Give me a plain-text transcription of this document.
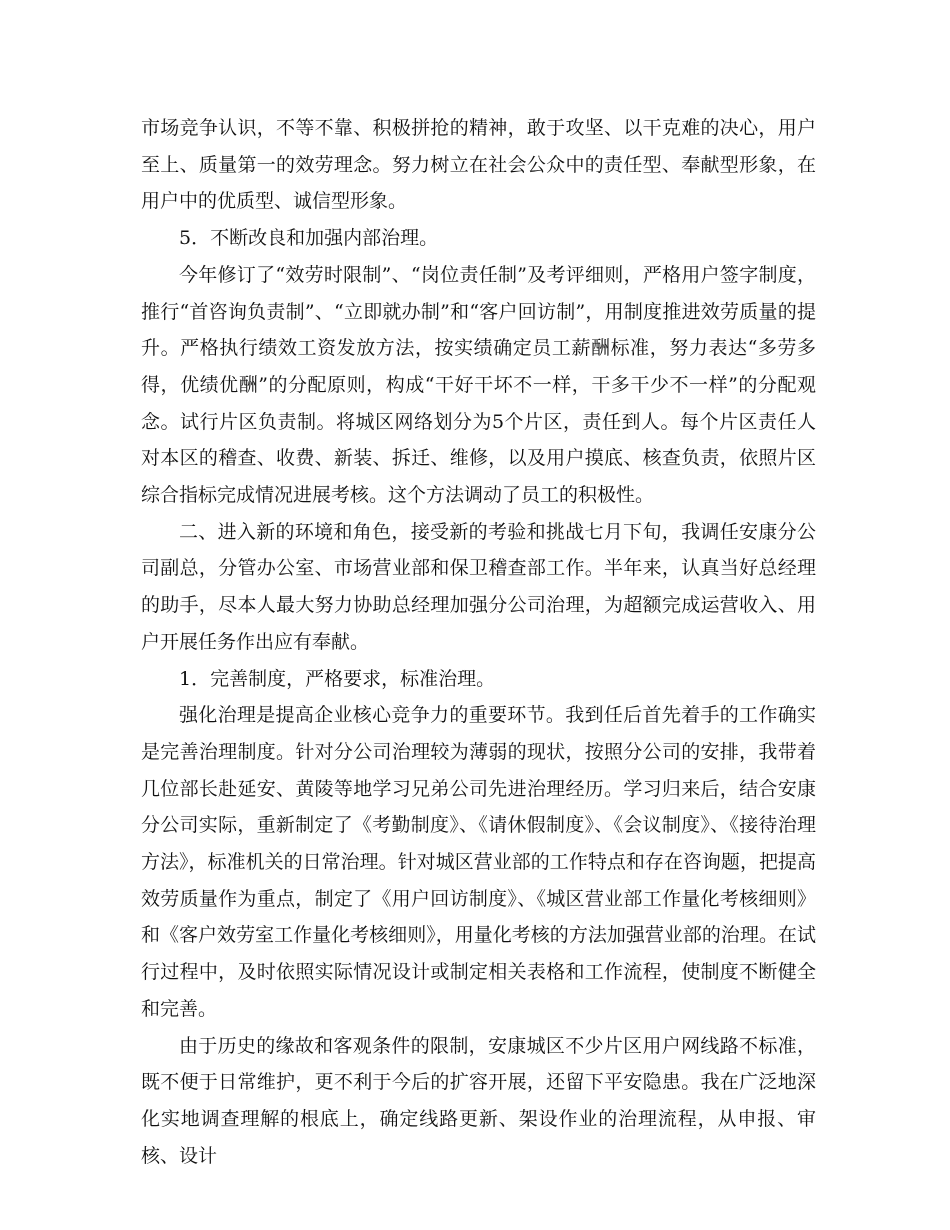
市场竞争认识，不等不靠、积极拼抢的精神，敢于攻坚、以干克难的决心，用户至上、质量第一的效劳理念。努力树立在社会公众中的责任型、奉献型形象，在用户中的优质型、诚信型形象。

5．不断改良和加强内部治理。

今年修订了“效劳时限制”、“岗位责任制”及考评细则，严格用户签字制度，推行“首咨询负责制”、“立即就办制”和“客户回访制”，用制度推进效劳质量的提升。严格执行绩效工资发放方法，按实绩确定员工薪酬标准，努力表达“多劳多得，优绩优酬”的分配原则，构成“干好干坏不一样，干多干少不一样”的分配观念。试行片区负责制。将城区网络划分为5个片区，责任到人。每个片区责任人对本区的稽查、收费、新装、拆迁、维修，以及用户摸底、核查负责，依照片区综合指标完成情况进展考核。这个方法调动了员工的积极性。

二、进入新的环境和角色，接受新的考验和挑战七月下旬，我调任安康分公司副总，分管办公室、市场营业部和保卫稽查部工作。半年来，认真当好总经理的助手，尽本人最大努力协助总经理加强分公司治理，为超额完成运营收入、用户开展任务作出应有奉献。

1．完善制度，严格要求，标准治理。

强化治理是提高企业核心竞争力的重要环节。我到任后首先着手的工作确实是完善治理制度。针对分公司治理较为薄弱的现状，按照分公司的安排，我带着几位部长赴延安、黄陵等地学习兄弟公司先进治理经历。学习归来后，结合安康分公司实际，重新制定了《考勤制度》、《请休假制度》、《会议制度》、《接待治理方法》，标准机关的日常治理。针对城区营业部的工作特点和存在咨询题，把提高效劳质量作为重点，制定了《用户回访制度》、《城区营业部工作量化考核细则》和《客户效劳室工作量化考核细则》，用量化考核的方法加强营业部的治理。在试行过程中，及时依照实际情况设计或制定相关表格和工作流程，使制度不断健全和完善。

由于历史的缘故和客观条件的限制，安康城区不少片区用户网线路不标准，既不便于日常维护，更不利于今后的扩容开展，还留下平安隐患。我在广泛地深化实地调查理解的根底上，确定线路更新、架设作业的治理流程，从申报、审核、设计
